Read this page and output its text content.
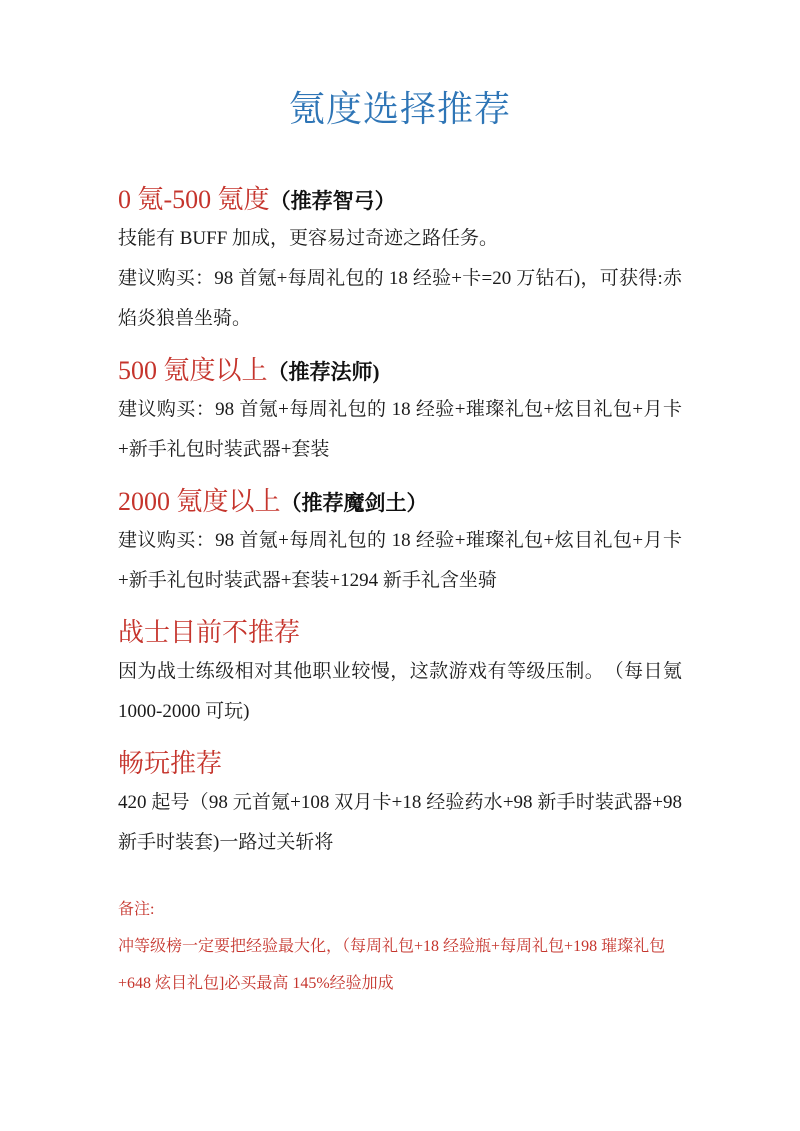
氪度选择推荐
0 氪-500 氪度（推荐智弓）

技能有 BUFF 加成，更容易过奇迹之路任务。

建议购买：98 首氪+每周礼包的 18 经验+卡=20 万钻石)，可获得:赤焰炎狼兽坐骑。

500 氪度以上（推荐法师)

建议购买：98 首氪+每周礼包的 18 经验+璀璨礼包+炫目礼包+月卡+新手礼包时装武器+套装

2000 氪度以上（推荐魔剑土）

建议购买：98 首氪+每周礼包的 18 经验+璀璨礼包+炫目礼包+月卡+新手礼包时装武器+套装+1294 新手礼含坐骑

战士目前不推荐

因为战士练级相对其他职业较慢，这款游戏有等级压制。　（每日氪 1000-2000 可玩)

畅玩推荐

420 起号（98 元首氪+108 双月卡+18 经验药水+98 新手时装武器+98 新手时装套)一路过关斩将

备注:

冲等级榜一定要把经验最大化，（每周礼包+18 经验瓶+每周礼包+198 璀璨礼包+648 炫目礼包]必买最高 145%经验加成
